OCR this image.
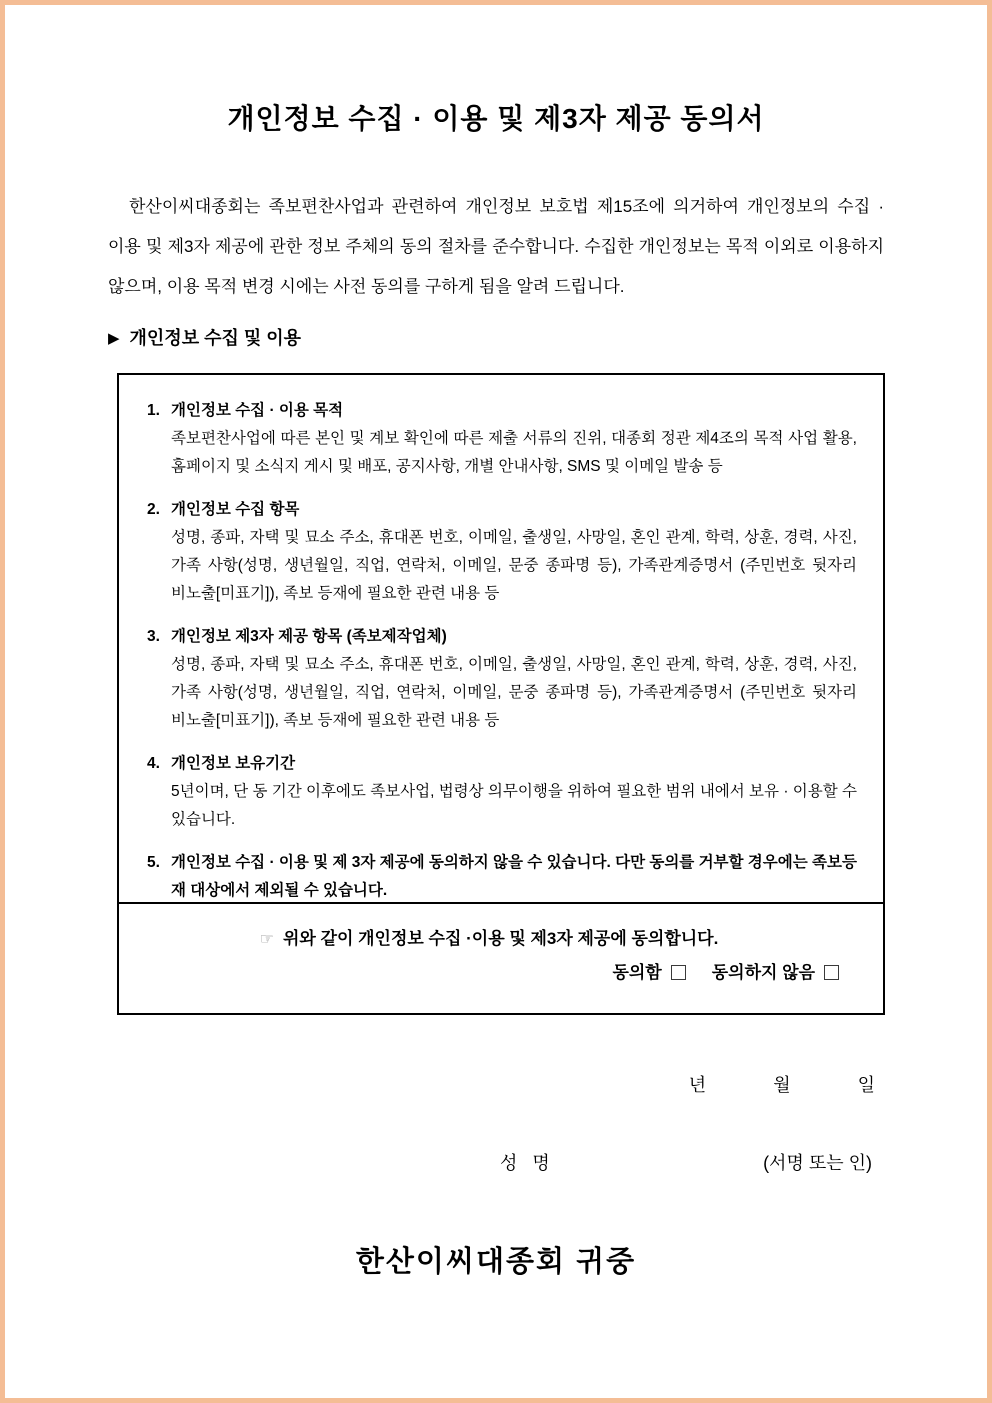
개인정보 수집 · 이용 및 제3자 제공 동의서

한산이씨대종회는 족보편찬사업과 관련하여 개인정보 보호법 제15조에 의거하여 개인정보의 수집 · 이용 및 제3자 제공에 관한 정보 주체의 동의 절차를 준수합니다. 수집한 개인정보는 목적 이외로 이용하지 않으며, 이용 목적 변경 시에는 사전 동의를 구하게 됨을 알려 드립니다.

▶ 개인정보 수집 및 이용
1. 개인정보 수집 · 이용 목적
족보편찬사업에 따른 본인 및 계보 확인에 따른 제출 서류의 진위, 대종회 정관 제4조의 목적 사업 활용, 홈페이지 및 소식지 게시 및 배포, 공지사항, 개별 안내사항, SMS 및 이메일 발송 등
2. 개인정보 수집 항목
성명, 종파, 자택 및 묘소 주소, 휴대폰 번호, 이메일, 출생일, 사망일, 혼인 관계, 학력, 상훈, 경력, 사진, 가족 사항(성명, 생년월일, 직업, 연락처, 이메일, 문중 종파명 등), 가족관계증명서 (주민번호 뒷자리 비노출[미표기]), 족보 등재에 필요한 관련 내용 등
3. 개인정보 제3자 제공 항목 (족보제작업체)
성명, 종파, 자택 및 묘소 주소, 휴대폰 번호, 이메일, 출생일, 사망일, 혼인 관계, 학력, 상훈, 경력, 사진, 가족 사항(성명, 생년월일, 직업, 연락처, 이메일, 문중 종파명 등), 가족관계증명서 (주민번호 뒷자리 비노출[미표기]), 족보 등재에 필요한 관련 내용 등
4. 개인정보 보유기간
5년이며, 단 동 기간 이후에도 족보사업, 법령상 의무이행을 위하여 필요한 범위 내에서 보유 · 이용할 수 있습니다.
5. 개인정보 수집 · 이용 및 제 3자 제공에 동의하지 않을 수 있습니다. 다만 동의를 거부할 경우에는 족보등재 대상에서 제외될 수 있습니다.
☞ 위와 같이 개인정보 수집 ·이용 및 제3자 제공에 동의합니다.
동의함	동의하지 않음
년	월	일
성 명	(서명 또는 인)
한산이씨대종회 귀중
